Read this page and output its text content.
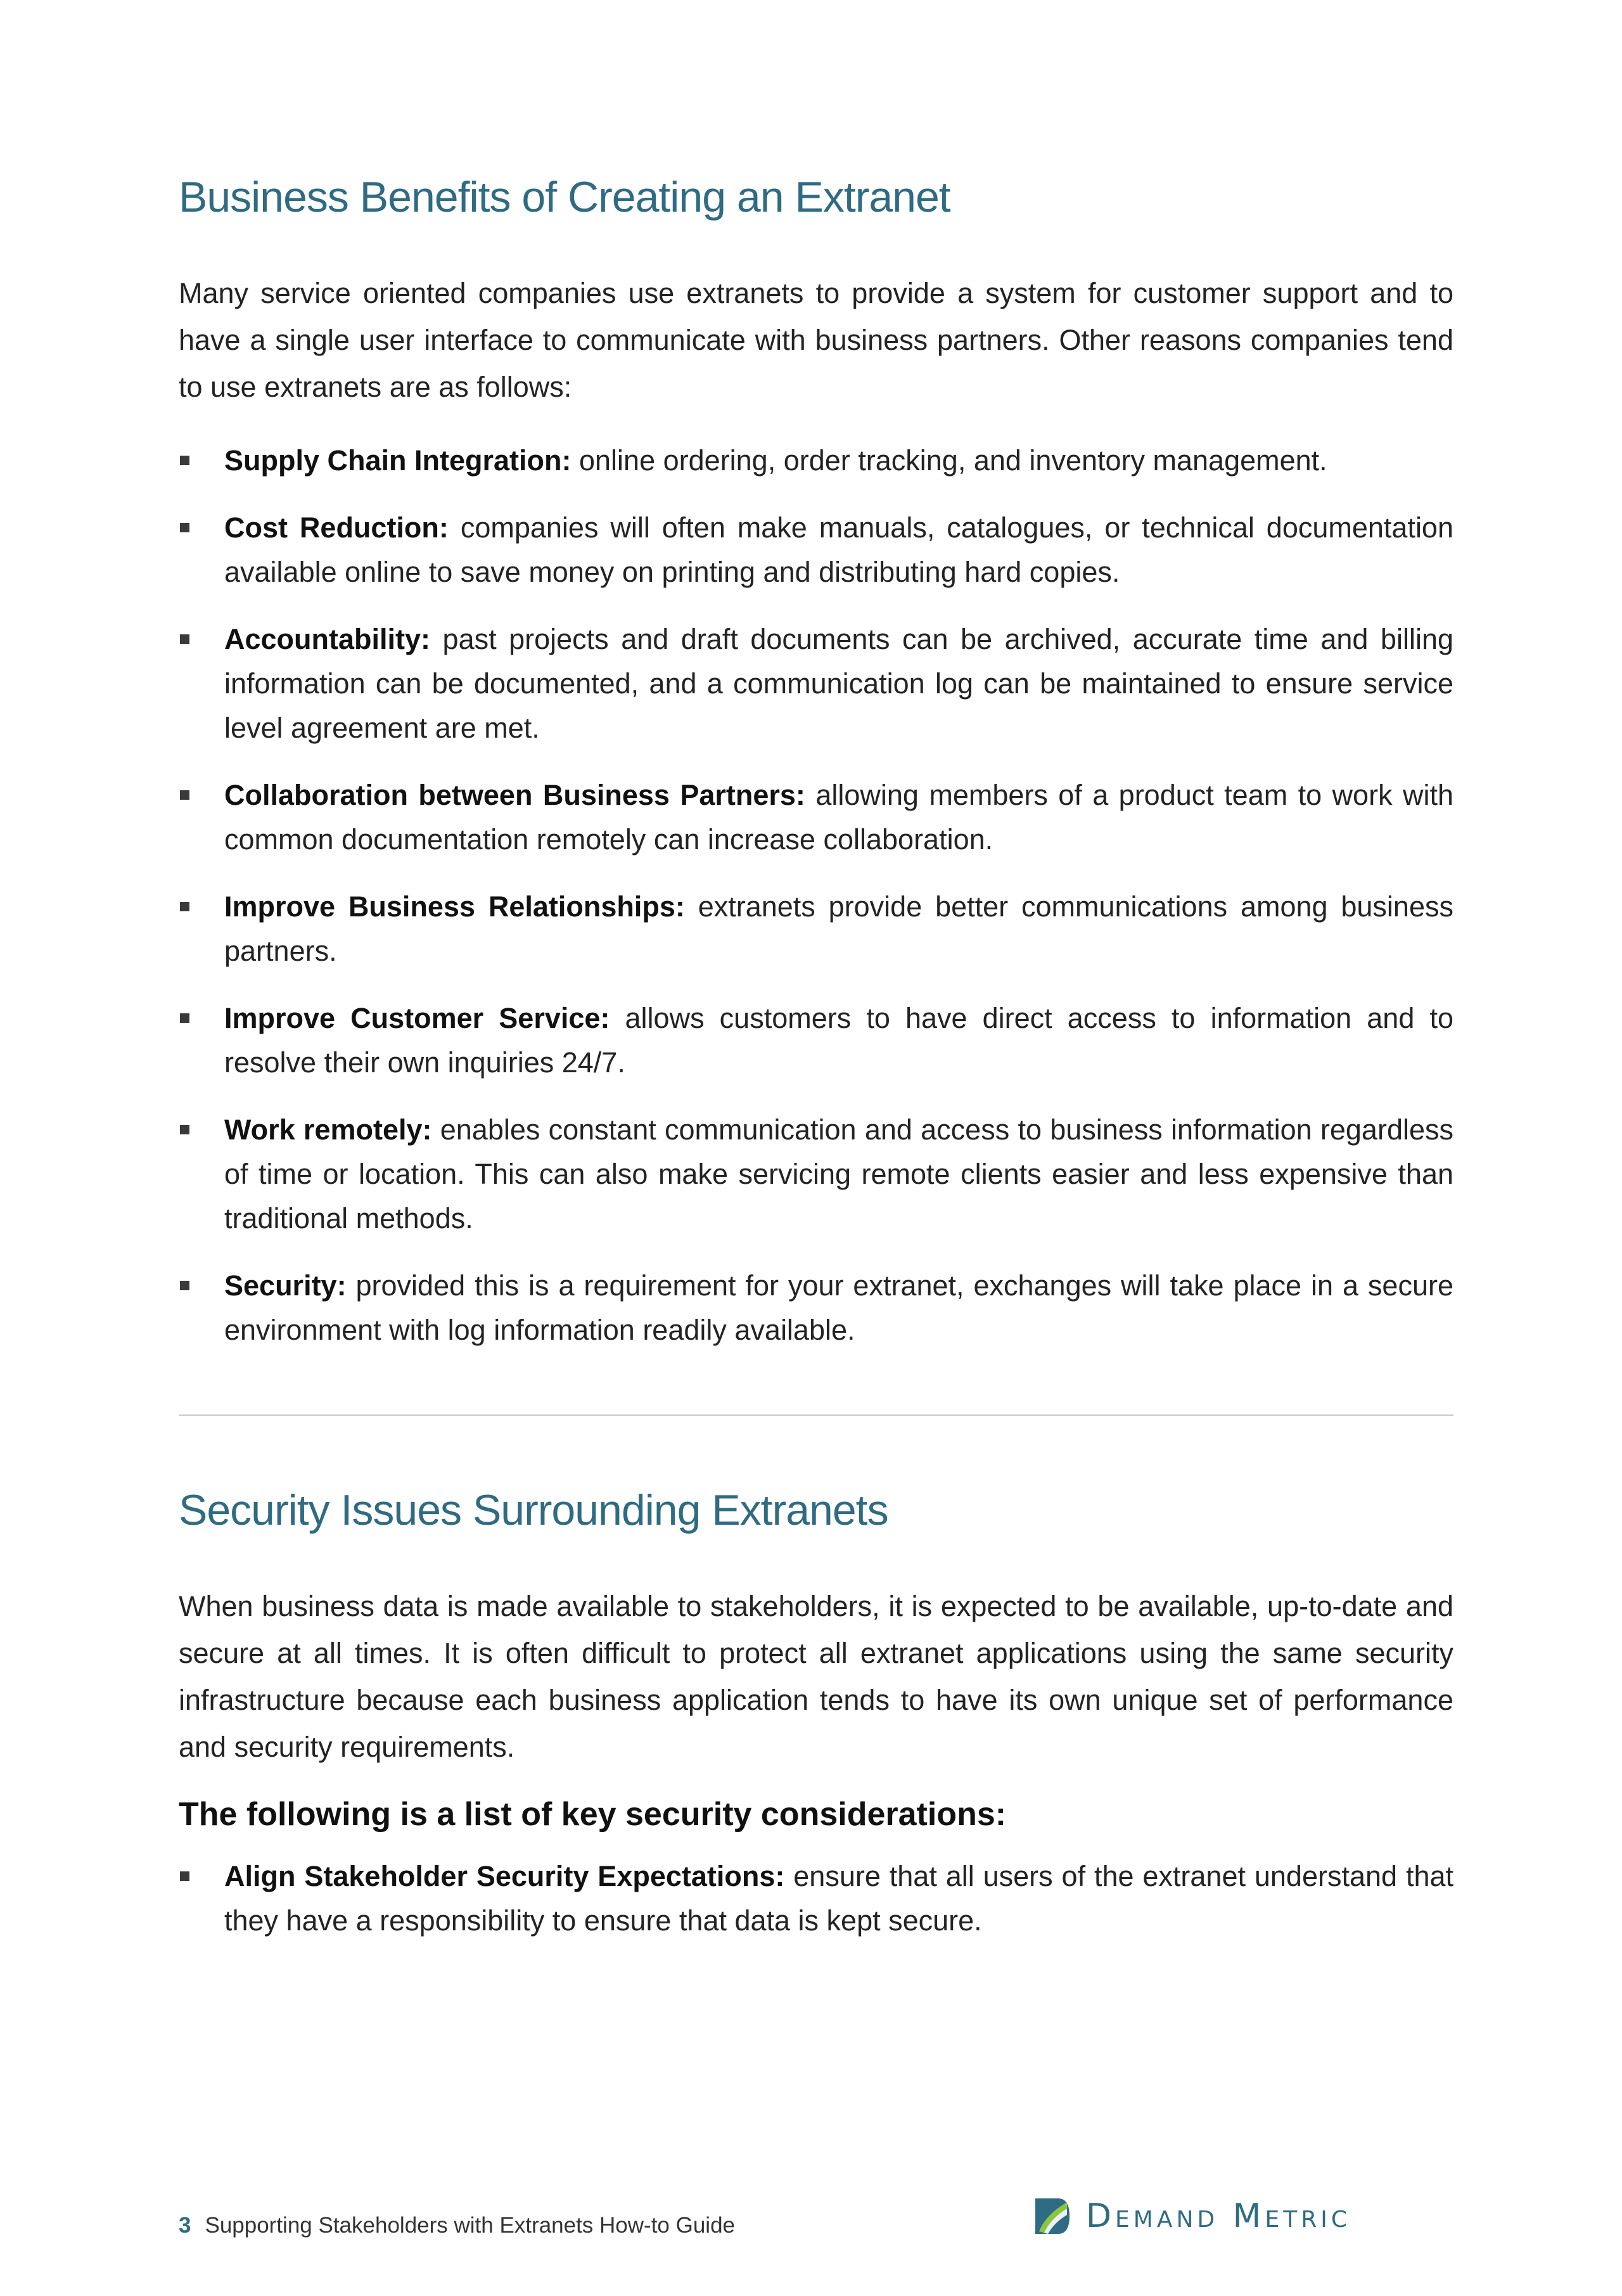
Business Benefits of Creating an Extranet

Many service oriented companies use extranets to provide a system for customer support and to have a single user interface to communicate with business partners. Other reasons companies tend to use extranets are as follows:

Supply Chain Integration: online ordering, order tracking, and inventory management.
Cost Reduction: companies will often make manuals, catalogues, or technical documentation available online to save money on printing and distributing hard copies.
Accountability: past projects and draft documents can be archived, accurate time and billing information can be documented, and a communication log can be maintained to ensure service level agreement are met.
Collaboration between Business Partners: allowing members of a product team to work with common documentation remotely can increase collaboration.
Improve Business Relationships: extranets provide better communications among business partners.
Improve Customer Service: allows customers to have direct access to information and to resolve their own inquiries 24/7.
Work remotely: enables constant communication and access to business information regardless of time or location. This can also make servicing remote clients easier and less expensive than traditional methods.
Security: provided this is a requirement for your extranet, exchanges will take place in a secure environment with log information readily available.
Security Issues Surrounding Extranets

When business data is made available to stakeholders, it is expected to be available, up-to-date and secure at all times. It is often difficult to protect all extranet applications using the same security infrastructure because each business application tends to have its own unique set of performance and security requirements.

The following is a list of key security considerations:
Align Stakeholder Security Expectations: ensure that all users of the extranet understand that they have a responsibility to ensure that data is kept secure.
3 Supporting Stakeholders with Extranets How-to Guide	Demand Metric
